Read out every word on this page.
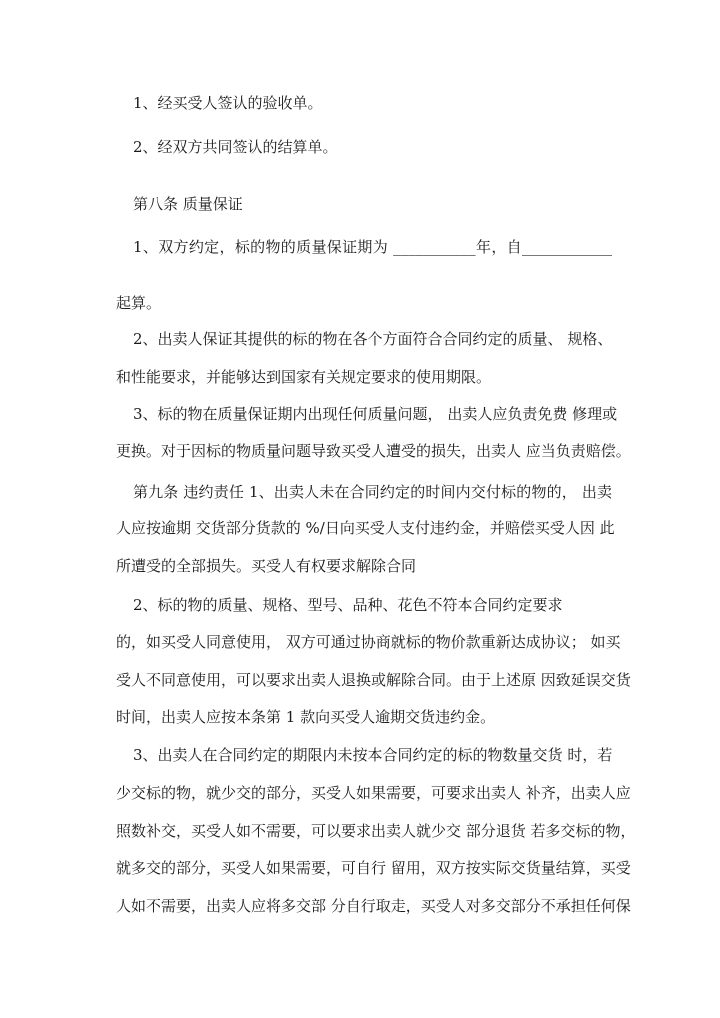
1、经买受人签认的验收单。
2、经双方共同签认的结算单。
第八条 质量保证
1、双方约定，标的物的质量保证期为 ___________年，自____________
起算。
2、出卖人保证其提供的标的物在各个方面符合合同约定的质量、 规格、
和性能要求，并能够达到国家有关规定要求的使用期限。
3、标的物在质量保证期内出现任何质量问题， 出卖人应负责免费 修理或
更换。对于因标的物质量问题导致买受人遭受的损失，出卖人 应当负责赔偿。
第九条 违约责任 1、出卖人未在合同约定的时间内交付标的物的， 出卖
人应按逾期 交货部分货款的 %/日向买受人支付违约金，并赔偿买受人因 此
所遭受的全部损失。买受人有权要求解除合同
2、标的物的质量、规格、型号、品种、花色不符本合同约定要求
的，如买受人同意使用， 双方可通过协商就标的物价款重新达成协议； 如买
受人不同意使用，可以要求出卖人退换或解除合同。由于上述原 因致延误交货
时间，出卖人应按本条第 1 款向买受人逾期交货违约金。
3、出卖人在合同约定的期限内未按本合同约定的标的物数量交货 时，若
少交标的物，就少交的部分，买受人如果需要，可要求出卖人 补齐，出卖人应
照数补交，买受人如不需要，可以要求出卖人就少交 部分退货 若多交标的物，
就多交的部分，买受人如果需要，可自行 留用，双方按实际交货量结算，买受
人如不需要，出卖人应将多交部 分自行取走，买受人对多交部分不承担任何保
